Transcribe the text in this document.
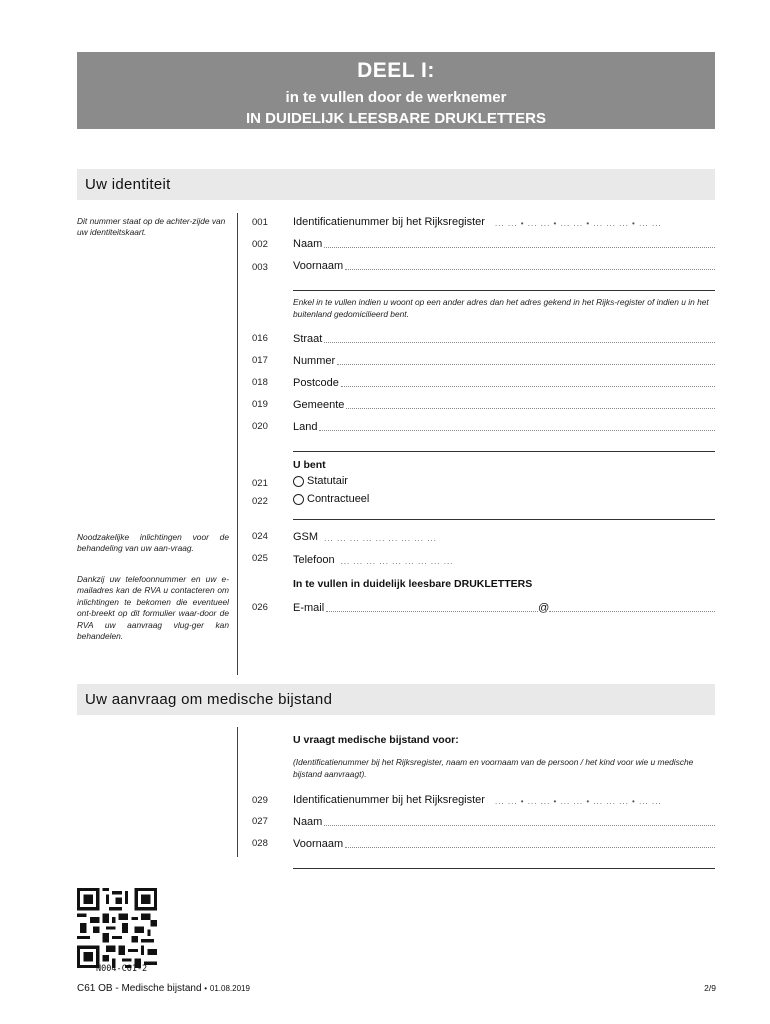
DEEL I:
in te vullen door de werknemer
IN DUIDELIJK LEESBARE DRUKLETTERS
Uw identiteit
Dit nummer staat op de achter-zijde van uw identiteitskaart.
Noodzakelijke inlichtingen voor de behandeling van uw aan-vraag.
Dankzij uw telefoonnummer en uw e-mailadres kan de RVA u contacteren om inlichtingen te bekomen die eventueel ont-breekt op dit formulier waar-door de RVA uw aanvraag vlug-ger kan behandelen.
001 Identificatienummer bij het Rijksregister ... ... • ... ... • ... ... • ... ... ... • ... ...
002 Naam
003 Voornaam
Enkel in te vullen indien u woont op een ander adres dan het adres gekend in het Rijks-register of indien u in het buitenland gedomicilieerd bent.
016 Straat
017 Nummer
018 Postcode
019 Gemeente
020 Land
U bent
021	Statutair
022	Contractueel
024 GSM ... ... ... ... ... ... ... ... ...
025 Telefoon ... ... ... ... ... ... ... ... ...
In te vullen in duidelijk leesbare DRUKLETTERS
026 E-mail	@
Uw aanvraag om medische bijstand
U vraagt medische bijstand voor:
(Identificatienummer bij het Rijksregister, naam en voornaam van de persoon / het kind voor wie u medische bijstand aanvraagt).
029 Identificatienummer bij het Rijksregister ... ... • ... ... • ... ... • ... ... ... • ... ...
027 Naam
028 Voornaam
N004-C01-2
C61 OB - Medische bijstand • 01.08.2019	2/9
